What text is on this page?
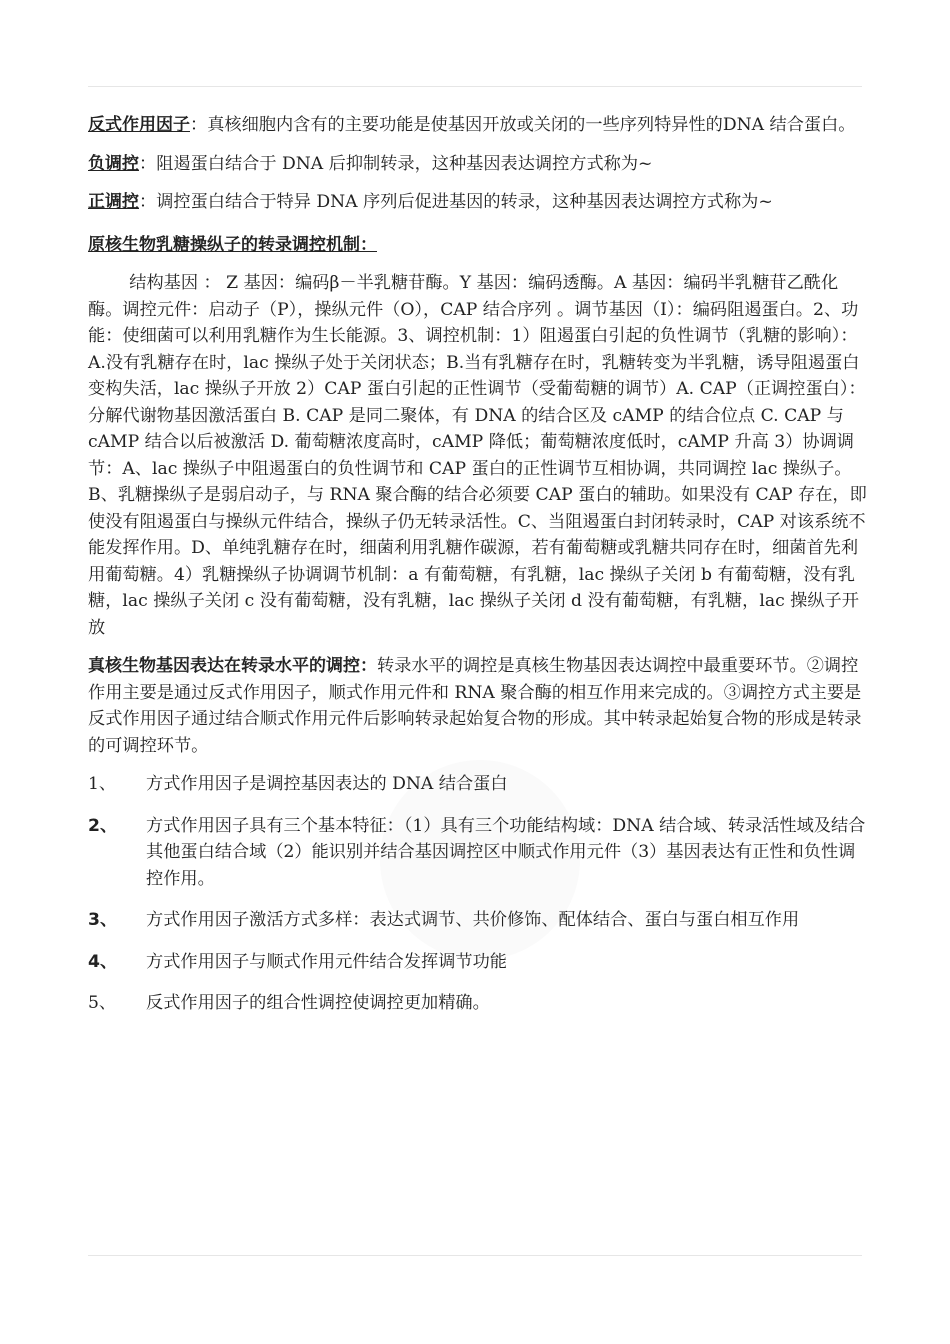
反式作用因子：真核细胞内含有的主要功能是使基因开放或关闭的一些序列特异性的DNA 结合蛋白。

负调控：阻遏蛋白结合于 DNA 后抑制转录，这种基因表达调控方式称为~

正调控：调控蛋白结合于特异 DNA 序列后促进基因的转录，这种基因表达调控方式称为~

原核生物乳糖操纵子的转录调控机制：

结构基因 ： Z 基因：编码β－半乳糖苷酶。Y 基因：编码透酶。A 基因：编码半乳糖苷乙酰化酶。调控元件：启动子（P），操纵元件（O），CAP 结合序列 。调节基因（I）：编码阻遏蛋白。2、功能：使细菌可以利用乳糖作为生长能源。3、调控机制：1）阻遏蛋白引起的负性调节（乳糖的影响）：A.没有乳糖存在时，lac 操纵子处于关闭状态；B.当有乳糖存在时，乳糖转变为半乳糖，诱导阻遏蛋白变构失活，lac 操纵子开放 2）CAP 蛋白引起的正性调节（受葡萄糖的调节）A. CAP（正调控蛋白）：分解代谢物基因激活蛋白 B. CAP 是同二聚体，有 DNA 的结合区及 cAMP 的结合位点 C. CAP 与 cAMP 结合以后被激活 D. 葡萄糖浓度高时，cAMP 降低；葡萄糖浓度低时，cAMP 升高 3）协调调节：A、lac 操纵子中阻遏蛋白的负性调节和 CAP 蛋白的正性调节互相协调，共同调控 lac 操纵子。B、乳糖操纵子是弱启动子，与 RNA 聚合酶的结合必须要 CAP 蛋白的辅助。如果没有 CAP 存在，即使没有阻遏蛋白与操纵元件结合，操纵子仍无转录活性。C、当阻遏蛋白封闭转录时，CAP 对该系统不能发挥作用。D、单纯乳糖存在时，细菌利用乳糖作碳源，若有葡萄糖或乳糖共同存在时，细菌首先利用葡萄糖。4）乳糖操纵子协调调节机制：a 有葡萄糖，有乳糖，lac 操纵子关闭 b 有葡萄糖，没有乳糖，lac 操纵子关闭 c 没有葡萄糖，没有乳糖，lac 操纵子关闭 d 没有葡萄糖，有乳糖，lac 操纵子开放

真核生物基因表达在转录水平的调控：转录水平的调控是真核生物基因表达调控中最重要环节。②调控作用主要是通过反式作用因子，顺式作用元件和 RNA 聚合酶的相互作用来完成的。③调控方式主要是反式作用因子通过结合顺式作用元件后影响转录起始复合物的形成。其中转录起始复合物的形成是转录的可调控环节。

1、	方式作用因子是调控基因表达的 DNA 结合蛋白
2、	方式作用因子具有三个基本特征：（1）具有三个功能结构域：DNA 结合域、转录活性域及结合其他蛋白结合域（2）能识别并结合基因调控区中顺式作用元件（3）基因表达有正性和负性调控作用。
3、	方式作用因子激活方式多样：表达式调节、共价修饰、配体结合、蛋白与蛋白相互作用
4、	方式作用因子与顺式作用元件结合发挥调节功能
5、	反式作用因子的组合性调控使调控更加精确。
